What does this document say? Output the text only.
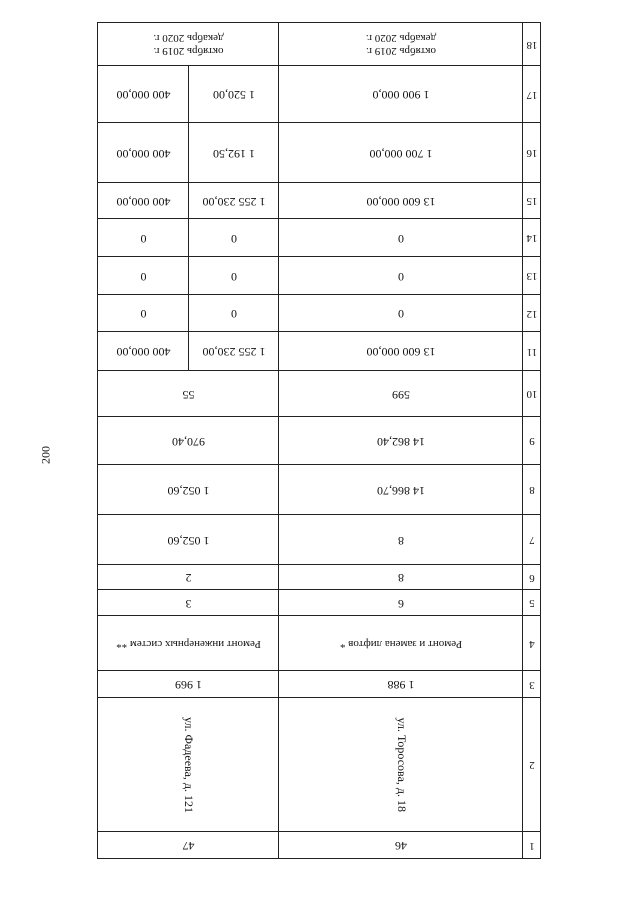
200
1
2
3
4
5
6
7
8
9
10
11
12
13
14
15
16
17
18
46
ул. Торосова, д. 18
1 988
Ремонт и замена лифтов *
6
8
8
14 866,70
14 862,40
599
13 600 000,00
0
0
0
13 600 000,00
1 700 000,00
1 900 000,0
октябрь 2019 г.
декабрь 2020 г.
47
ул. Фадеева, д. 121
1 969
Ремонт инженерных систем **
3
2
1 052,60
1 052,60
970,40
55
октябрь 2019 г.
декабрь 2020 г.
1 255 230,00
400 000,00
0
0
0
0
0
0
1 255 230,00
400 000,00
1 192,50
400 000,00
1 520,00
400 000,00
